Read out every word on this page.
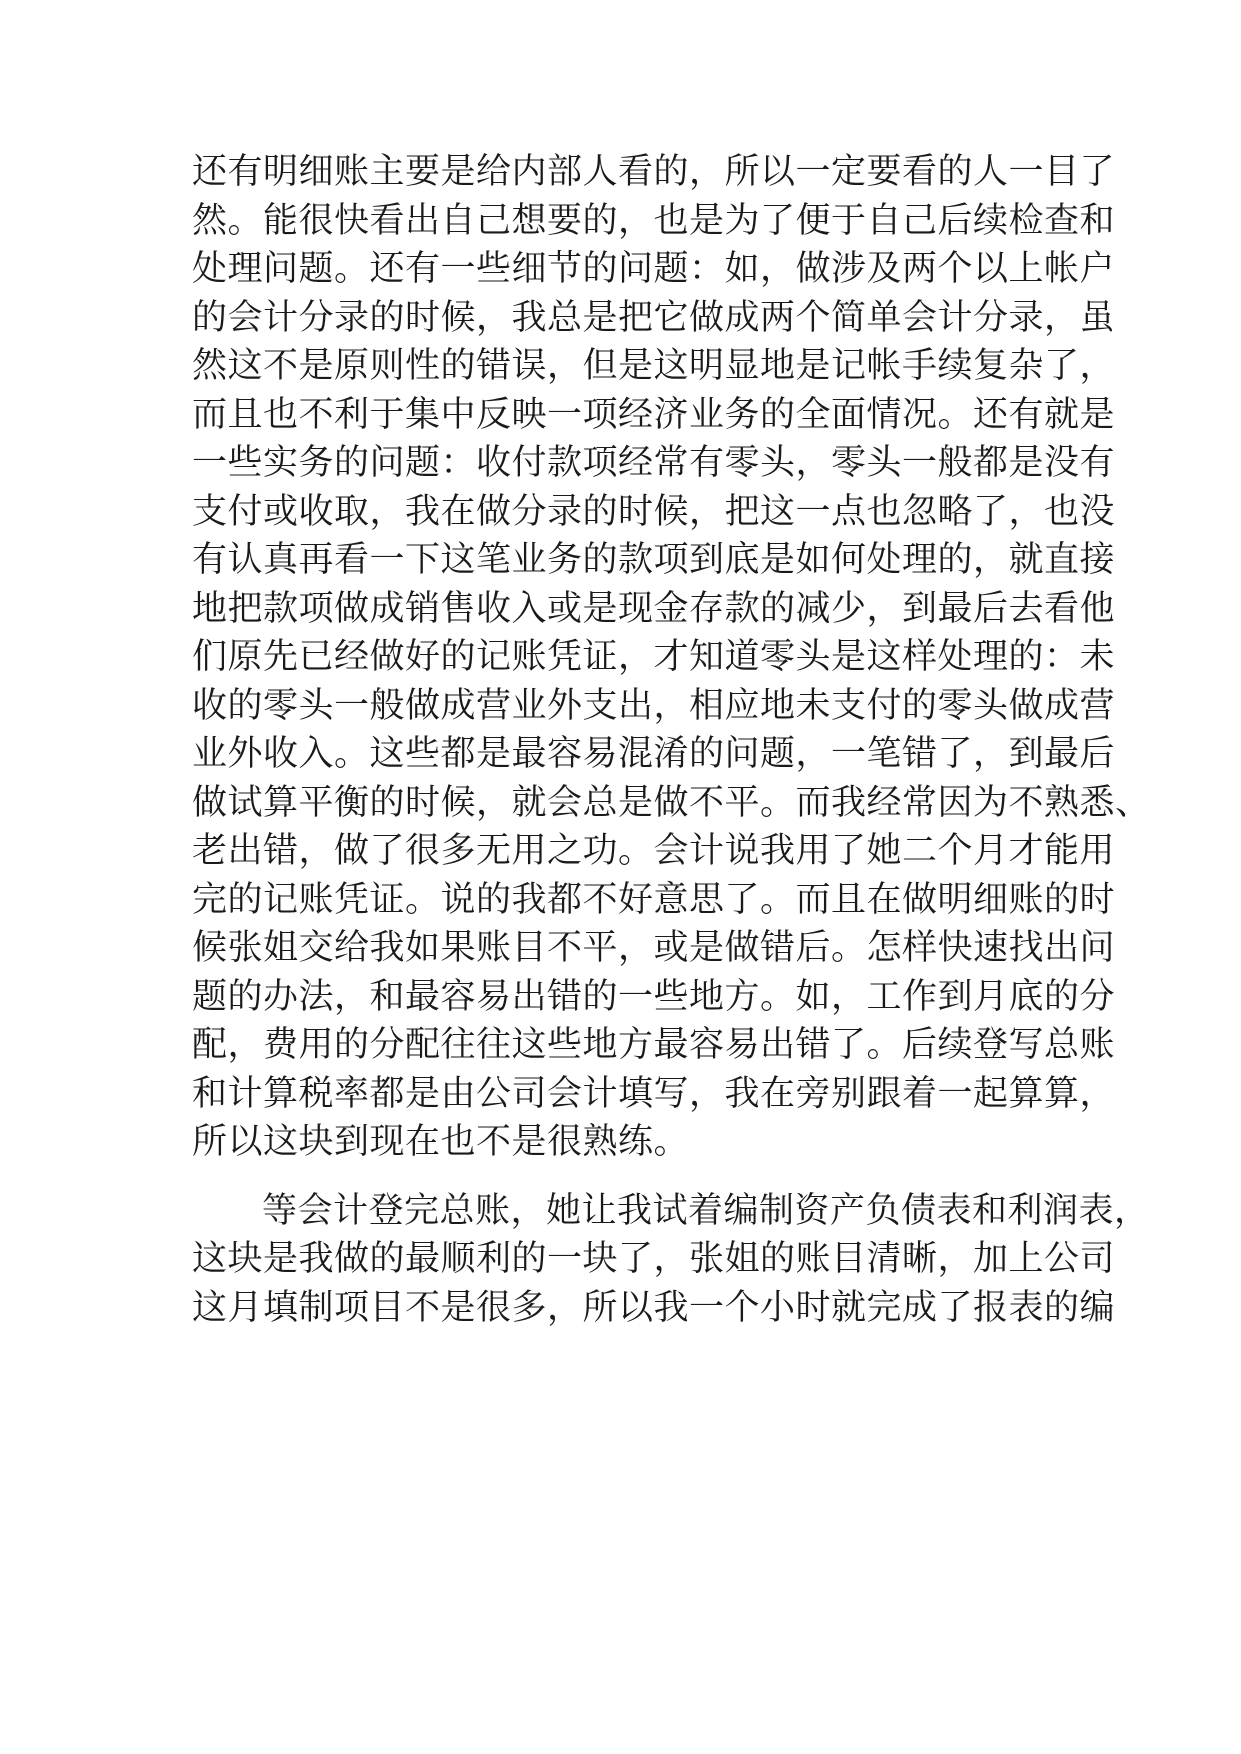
还有明细账主要是给内部人看的，所以一定要看的人一目了
然。能很快看出自己想要的，也是为了便于自己后续检查和
处理问题。还有一些细节的问题：如，做涉及两个以上帐户
的会计分录的时候，我总是把它做成两个简单会计分录，虽
然这不是原则性的错误，但是这明显地是记帐手续复杂了，
而且也不利于集中反映一项经济业务的全面情况。还有就是
一些实务的问题：收付款项经常有零头，零头一般都是没有
支付或收取，我在做分录的时候，把这一点也忽略了，也没
有认真再看一下这笔业务的款项到底是如何处理的，就直接
地把款项做成销售收入或是现金存款的减少，到最后去看他
们原先已经做好的记账凭证，才知道零头是这样处理的：未
收的零头一般做成营业外支出，相应地未支付的零头做成营
业外收入。这些都是最容易混淆的问题，一笔错了，到最后
做试算平衡的时候，就会总是做不平。而我经常因为不熟悉、
老出错，做了很多无用之功。会计说我用了她二个月才能用
完的记账凭证。说的我都不好意思了。而且在做明细账的时
候张姐交给我如果账目不平，或是做错后。怎样快速找出问
题的办法，和最容易出错的一些地方。如，工作到月底的分
配，费用的分配往往这些地方最容易出错了。后续登写总账
和计算税率都是由公司会计填写，我在旁别跟着一起算算，
所以这块到现在也不是很熟练。
等会计登完总账，她让我试着编制资产负债表和利润表，
这块是我做的最顺利的一块了，张姐的账目清晰，加上公司
这月填制项目不是很多，所以我一个小时就完成了报表的编
